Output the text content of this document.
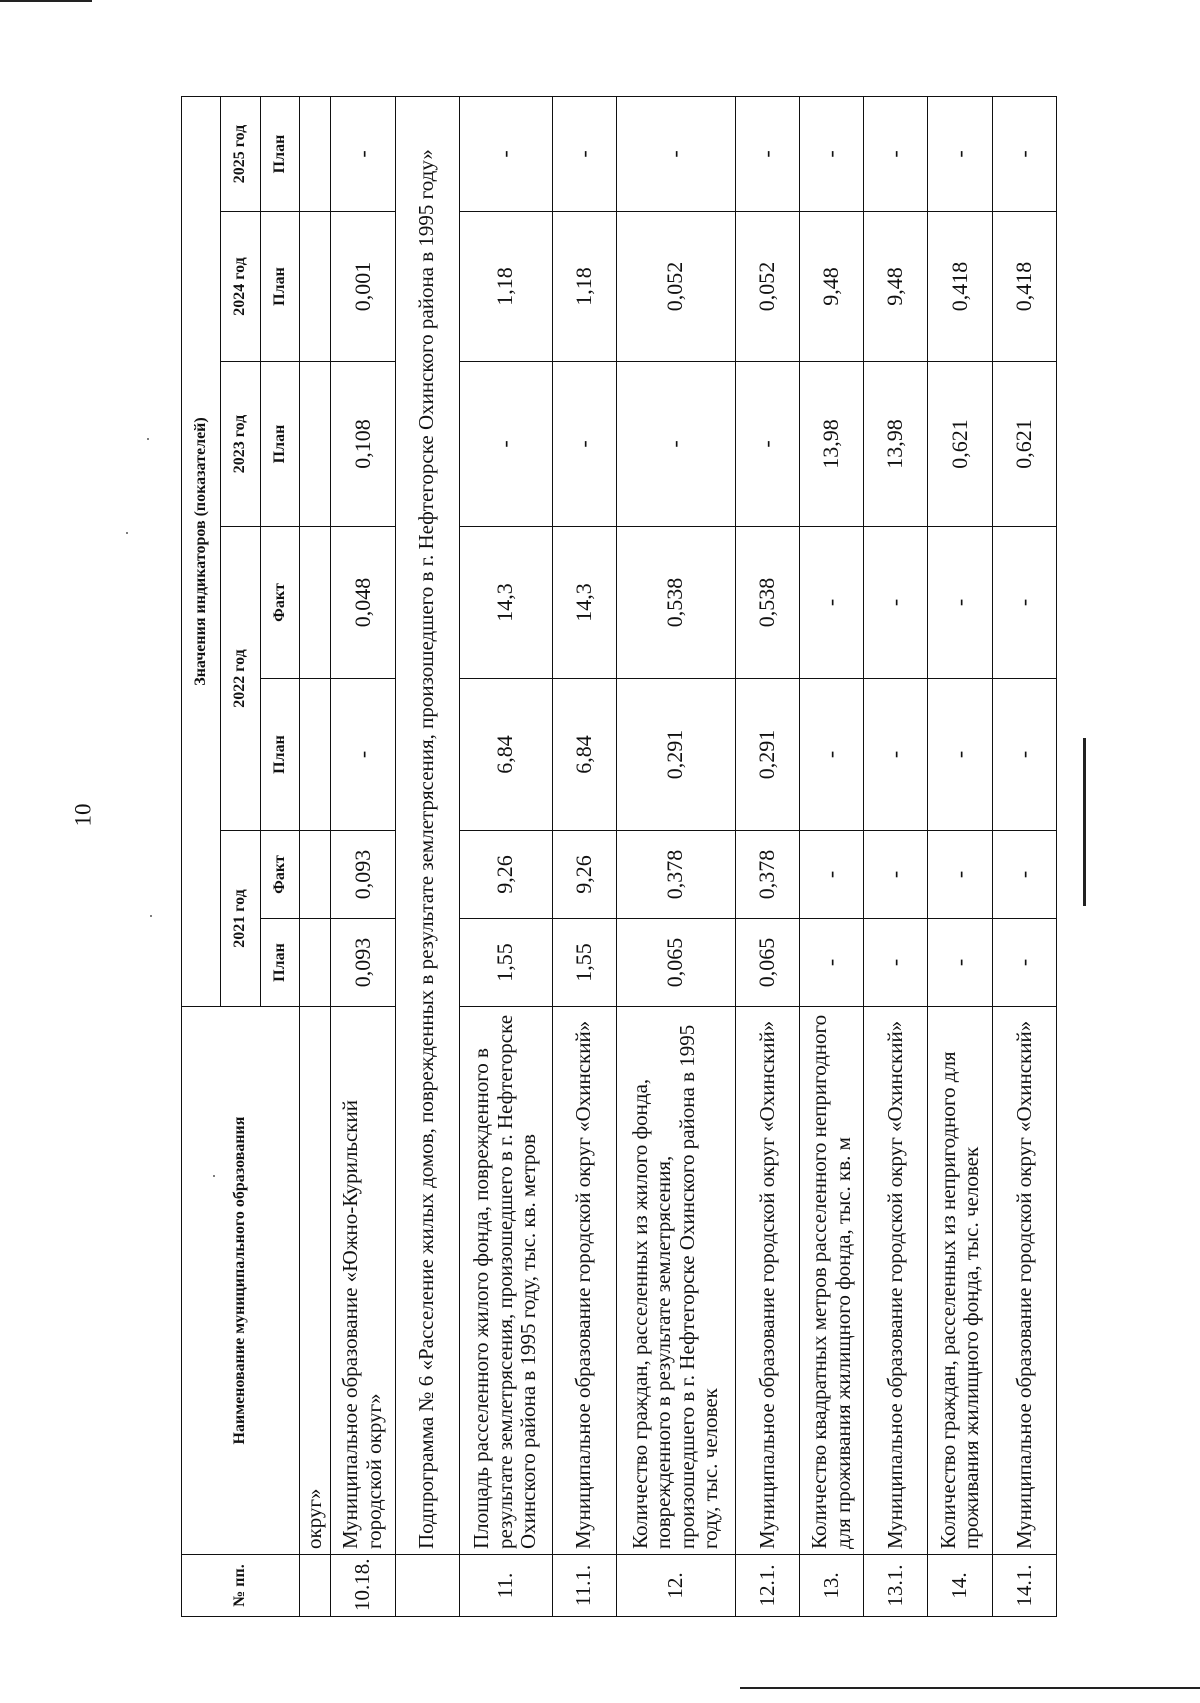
10
№ пп.	Наименование муниципального образования	Значения индикаторов (показателей)						
		2021 год		2022 год		2023 год	2024 год	2025 год
		План	Факт	План	Факт	План	План	План
	округ»							
10.18.	Муниципальное образование «Южно-Курильский городской округ»	0,093	0,093	-	0,048	0,108	0,001	-
	Подпрограмма № 6 «Расселение жилых домов, поврежденных в результате землетрясения, произошедшего в г. Нефтегорске Охинского района в 1995 году»							
11.	Площадь расселенного жилого фонда, поврежденного в результате землетрясения, произошедшего в г. Нефтегорске Охинского района в 1995 году, тыс. кв. метров	1,55	9,26	6,84	14,3	-	1,18	-
11.1.	Муниципальное образование городской округ «Охинский»	1,55	9,26	6,84	14,3	-	1,18	-
12.	Количество граждан, расселенных из жилого фонда, поврежденного в результате землетрясения, произошедшего в г. Нефтегорске Охинского района в 1995 году, тыс. человек	0,065	0,378	0,291	0,538	-	0,052	-
12.1.	Муниципальное образование городской округ «Охинский»	0,065	0,378	0,291	0,538	-	0,052	-
13.	Количество квадратных метров расселенного непригодного для проживания жилищного фонда, тыс. кв. м	-	-	-	-	13,98	9,48	-
13.1.	Муниципальное образование городской округ «Охинский»	-	-	-	-	13,98	9,48	-
14.	Количество граждан, расселенных из непригодного для проживания жилищного фонда, тыс. человек	-	-	-	-	0,621	0,418	-
14.1.	Муниципальное образование городской округ «Охинский»	-	-	-	-	0,621	0,418	-
